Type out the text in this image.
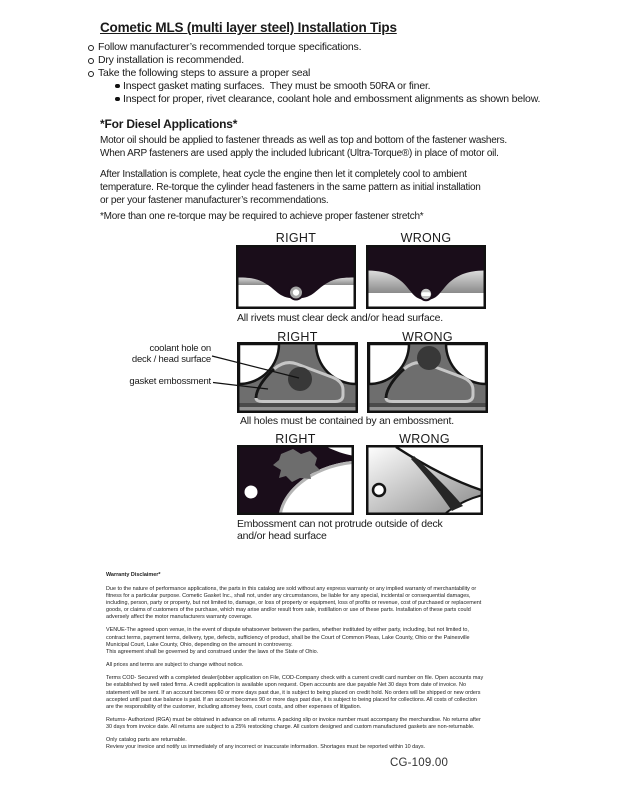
Cometic MLS (multi layer steel) Installation Tips
Follow manufacturer’s recommended torque specifications.
Dry installation is recommended.
Take the following steps to assure a proper seal
Inspect gasket mating surfaces.  They must be smooth 50RA or finer.
Inspect for proper, rivet clearance, coolant hole and embossment alignments as shown below.
*For Diesel Applications*

Motor oil should be applied to fastener threads as well as top and bottom of the fastener washers.
When ARP fasteners are used apply the included lubricant (Ultra-Torque®) in place of motor oil.

After Installation is complete, heat cycle the engine then let it completely cool to ambient
temperature. Re-torque the cylinder head fasteners in the same pattern as initial installation
or per your fastener manufacturer’s recommendations.

*More than one re-torque may be required to achieve proper fastener stretch*

RIGHT	WRONG
All rivets must clear deck and/or head surface.
RIGHT	WRONG
coolant hole on
deck / head surface
gasket embossment
All holes must be contained by an embossment.
RIGHT	WRONG
Embossment can not protrude outside of deck
and/or head surface

Warranty Disclaimer*

Due to the nature of performance applications, the parts in this catalog are sold without any express warranty or any implied warranty of merchantability or
fitness for a particular purpose. Cometic Gasket Inc., shall not, under any circumstances, be liable for any special, incidental or consequential damages,
including, person, party or property, but not limited to, damage, or loss of property or equipment, loss of profits or revenue, cost of purchased or replacement
goods, or claims of customers of the purchase, which may arise and/or result from sale, instillation or use of these parts. Installation of these parts could
adversely affect the motor manufacturers warranty coverage.

VENUE-The agreed upon venue, in the event of dispute whatsoever between the parties, whether instituted by either party, including, but not limited to,
contract terms, payment terms, delivery, type, defects, sufficiency of product, shall be the Court of Common Pleas, Lake County, Ohio or the Painesville
Municipal Court, Lake County, Ohio, depending on the amount in controversy.

This agreement shall be governed by and construed under the laws of the State of Ohio.

All prices and terms are subject to change without notice.

Terms COD- Secured with a completed dealer/jobber application on File, COD-Company check with a current credit card number on file. Open accounts may
be established by well rated firms. A credit application is available upon request. Open accounts are due payable Net 30 days from date of invoice. No
statement will be sent. If an account becomes 60 or more days past due, it is subject to being placed on credit hold. No orders will be shipped or new orders
accepted until past due balance is paid. If an account becomes 90 or more days past due, it is subject to being placed for collections. All costs of collection
are the responsibility of the customer, including attorney fees, court costs, and other expenses of litigation.

Returns- Authorized (RGA) must be obtained in advance on all returns. A packing slip or invoice number must accompany the merchandise. No returns after
30 days from invoice date. All returns are subject to a 25% restocking charge. All custom designed and custom manufactured gaskets are non-returnable.

Only catalog parts are returnable.
Review your invoice and notify us immediately of any incorrect or inaccurate information. Shortages must be reported within 10 days.

CG-109.00
